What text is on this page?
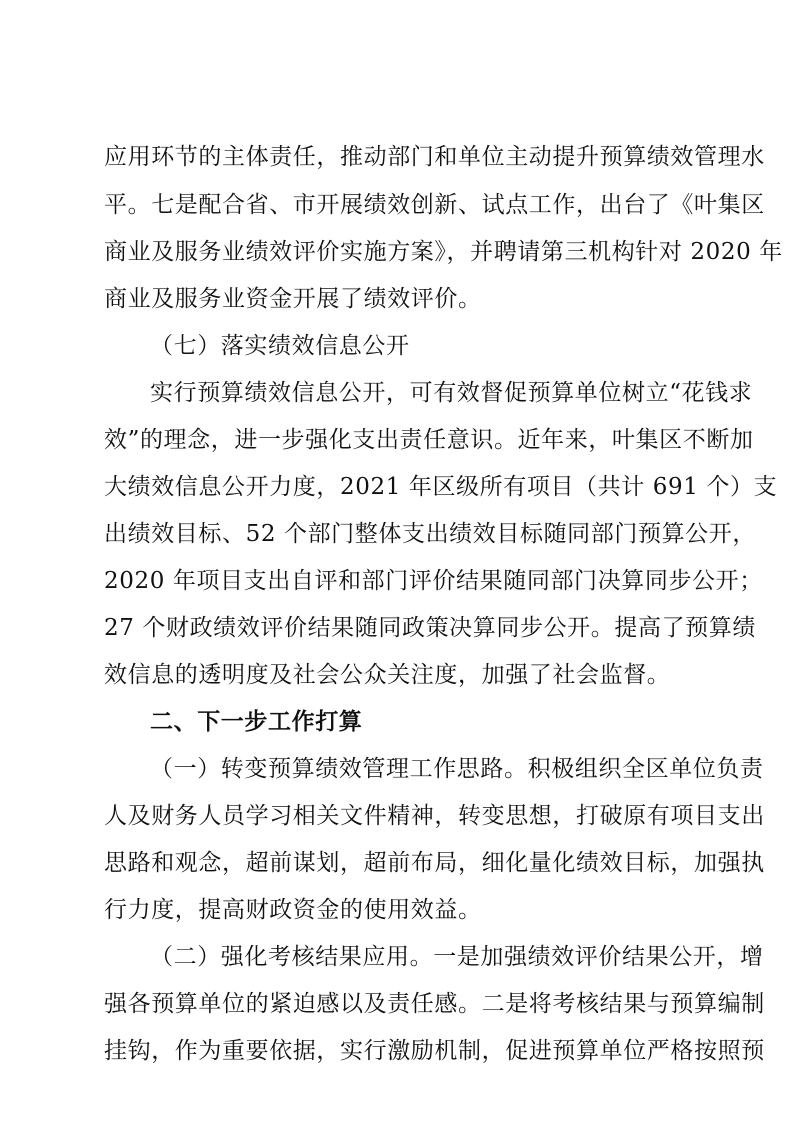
应用环节的主体责任，推动部门和单位主动提升预算绩效管理水
平。七是配合省、市开展绩效创新、试点工作，出台了《叶集区
商业及服务业绩效评价实施方案》，并聘请第三机构针对 2020 年
商业及服务业资金开展了绩效评价。
（七）落实绩效信息公开
实行预算绩效信息公开，可有效督促预算单位树立“花钱求
效”的理念，进一步强化支出责任意识。近年来，叶集区不断加
大绩效信息公开力度，2021 年区级所有项目（共计 691 个）支
出绩效目标、52 个部门整体支出绩效目标随同部门预算公开，
2020 年项目支出自评和部门评价结果随同部门决算同步公开；
27 个财政绩效评价结果随同政策决算同步公开。提高了预算绩
效信息的透明度及社会公众关注度，加强了社会监督。
二、下一步工作打算
（一）转变预算绩效管理工作思路。积极组织全区单位负责
人及财务人员学习相关文件精神，转变思想，打破原有项目支出
思路和观念，超前谋划，超前布局，细化量化绩效目标，加强执
行力度，提高财政资金的使用效益。
（二）强化考核结果应用。一是加强绩效评价结果公开，增
强各预算单位的紧迫感以及责任感。二是将考核结果与预算编制
挂钩，作为重要依据，实行激励机制，促进预算单位严格按照预
